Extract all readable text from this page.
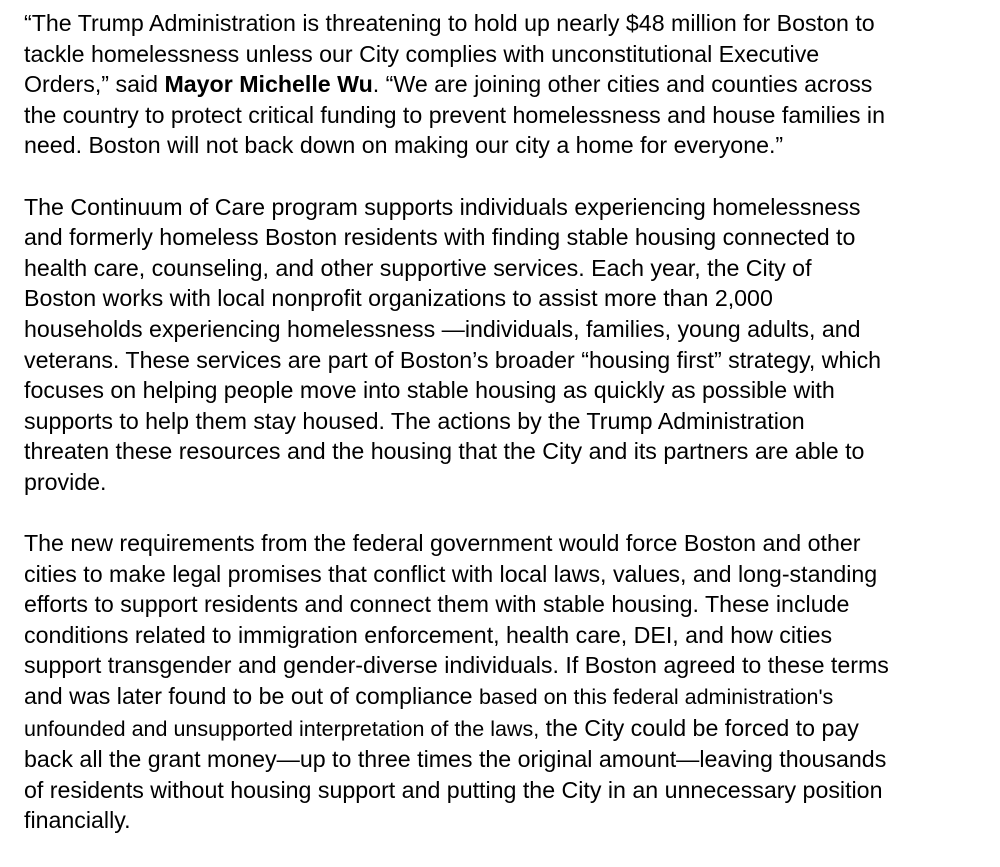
“The Trump Administration is threatening to hold up nearly $48 million for Boston to
tackle homelessness unless our City complies with unconstitutional Executive
Orders,” said Mayor Michelle Wu. “We are joining other cities and counties across
the country to protect critical funding to prevent homelessness and house families in
need. Boston will not back down on making our city a home for everyone.”

The Continuum of Care program supports individuals experiencing homelessness
and formerly homeless Boston residents with finding stable housing connected to
health care, counseling, and other supportive services. Each year, the City of
Boston works with local nonprofit organizations to assist more than 2,000
households experiencing homelessness —individuals, families, young adults, and
veterans. These services are part of Boston’s broader “housing first” strategy, which
focuses on helping people move into stable housing as quickly as possible with
supports to help them stay housed. The actions by the Trump Administration
threaten these resources and the housing that the City and its partners are able to
provide.

The new requirements from the federal government would force Boston and other
cities to make legal promises that conflict with local laws, values, and long-standing
efforts to support residents and connect them with stable housing. These include
conditions related to immigration enforcement, health care, DEI, and how cities
support transgender and gender-diverse individuals. If Boston agreed to these terms
and was later found to be out of compliance based on this federal administration's
unfounded and unsupported interpretation of the laws, the City could be forced to pay
back all the grant money—up to three times the original amount—leaving thousands
of residents without housing support and putting the City in an unnecessary position
financially.
